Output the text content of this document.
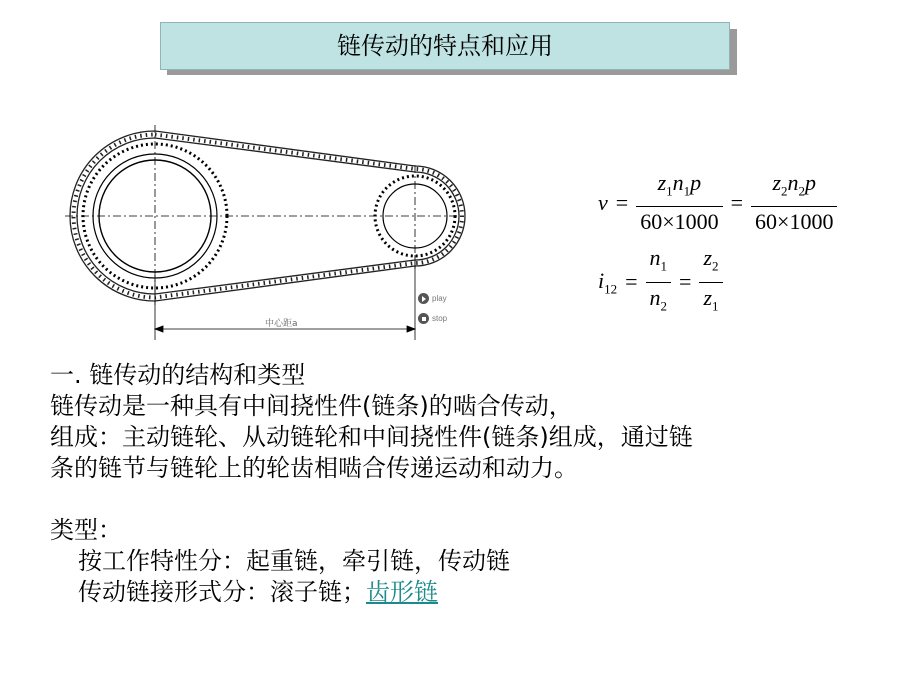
链传动的特点和应用
中心距a
play
stop
$v = \frac{z_1n_1p}{60\times 1000} = \frac{z_2n_2p}{60\times 1000}$
$i_{12} = \frac{n_1}{n_2} = \frac{z_2}{z_1}$
一. 链传动的结构和类型
链传动是一种具有中间挠性件(链条)的啮合传动，
组成：主动链轮、从动链轮和中间挠性件(链条)组成，通过链
条的链节与链轮上的轮齿相啮合传递运动和动力。
类型：
按工作特性分：起重链，牵引链，传动链
传动链接形式分：滚子链；齿形链
